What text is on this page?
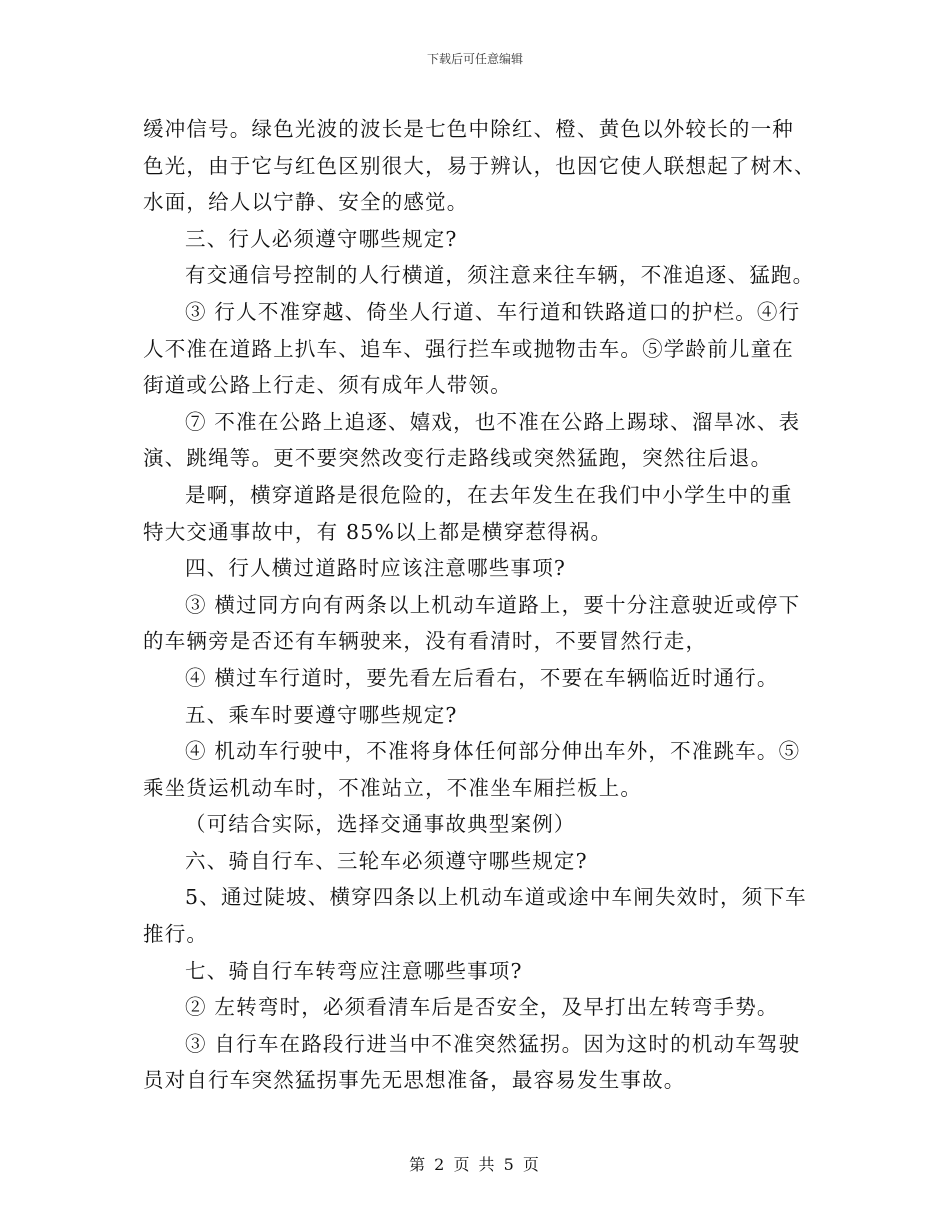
下载后可任意编辑

缓冲信号。绿色光波的波长是七色中除红、橙、黄色以外较长的一种

色光，由于它与红色区别很大，易于辨认，也因它使人联想起了树木、

水面，给人以宁静、安全的感觉。

三、行人必须遵守哪些规定?

有交通信号控制的人行横道，须注意来往车辆，不准追逐、猛跑。

③ 行人不准穿越、倚坐人行道、车行道和铁路道口的护栏。④行

人不准在道路上扒车、追车、强行拦车或抛物击车。⑤学龄前儿童在

街道或公路上行走、须有成年人带领。

⑦ 不准在公路上追逐、嬉戏，也不准在公路上踢球、溜旱冰、表

演、跳绳等。更不要突然改变行走路线或突然猛跑，突然往后退。

是啊，横穿道路是很危险的，在去年发生在我们中小学生中的重

特大交通事故中，有 85%以上都是横穿惹得祸。

四、行人横过道路时应该注意哪些事项?

③ 横过同方向有两条以上机动车道路上，要十分注意驶近或停下

的车辆旁是否还有车辆驶来，没有看清时，不要冒然行走，

④ 横过车行道时，要先看左后看右，不要在车辆临近时通行。

五、乘车时要遵守哪些规定?

④ 机动车行驶中，不准将身体任何部分伸出车外，不准跳车。⑤

乘坐货运机动车时，不准站立，不准坐车厢拦板上。

（可结合实际，选择交通事故典型案例）

六、骑自行车、三轮车必须遵守哪些规定?

5、通过陡坡、横穿四条以上机动车道或途中车闸失效时，须下车

推行。

七、骑自行车转弯应注意哪些事项?

② 左转弯时，必须看清车后是否安全，及早打出左转弯手势。

③ 自行车在路段行进当中不准突然猛拐。因为这时的机动车驾驶

员对自行车突然猛拐事先无思想准备，最容易发生事故。

第 2 页 共 5 页
